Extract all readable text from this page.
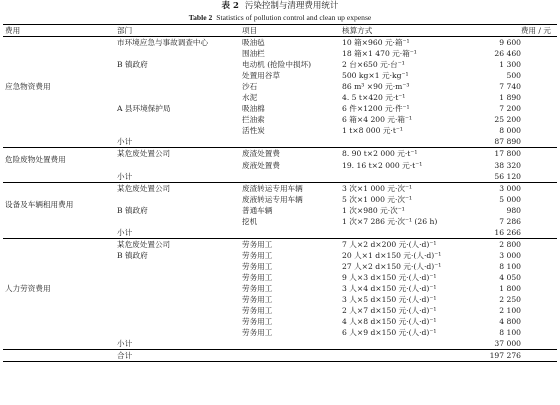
表 2 污染控制与清理费用统计
Table 2 Statistics of pollution control and clean up expense
费用	部门	项目	核算方式	费用 / 元
应急物资费用	市环境应急与事故调查中心	吸油毡	10 箱×960 元·箱⁻¹	9 600
		围油栏	18 箱×1 470 元·箱⁻¹	26 460
	B 镇政府	电动机 (抢险中损坏)	2 台×650 元·台⁻¹	1 300
		处置用谷草	500 kg×1 元·kg⁻¹	500
		沙石	86 m³ ×90 元·m⁻³	7 740
		水泥	4. 5 t×420 元·t⁻¹	1 890
	A 县环境保护局	吸油棉	6 件×1200 元·件⁻¹	7 200
		拦油索	6 箱×4 200 元·箱⁻¹	25 200
		活性炭	1 t×8 000 元·t⁻¹	8 000
	小计			87 890
危险废物处置费用	某危废处置公司	废渣处置费	8. 90 t×2 000 元·t⁻¹	17 800
		废液处置费	19. 16 t×2 000 元·t⁻¹	38 320
	小计			56 120
设备及车辆租用费用	某危废处置公司	废渣转运专用车辆	3 次×1 000 元·次⁻¹	3 000
		废液转运专用车辆	5 次×1 000 元·次⁻¹	5 000
	B 镇政府	普通车辆	1 次×980 元·次⁻¹	980
		挖机	1 次×7 286 元·次⁻¹ (26 h)	7 286
	小计			16 266
人力劳资费用	某危废处置公司	劳务用工	7 人×2 d×200 元·(人·d)⁻¹	2 800
	B 镇政府	劳务用工	20 人×1 d×150 元·(人·d)⁻¹	3 000
		劳务用工	27 人×2 d×150 元·(人·d)⁻¹	8 100
		劳务用工	9 人×3 d×150 元·(人·d)⁻¹	4 050
		劳务用工	3 人×4 d×150 元·(人·d)⁻¹	1 800
		劳务用工	3 人×5 d×150 元·(人·d)⁻¹	2 250
		劳务用工	2 人×7 d×150 元·(人·d)⁻¹	2 100
		劳务用工	4 人×8 d×150 元·(人·d)⁻¹	4 800
		劳务用工	6 人×9 d×150 元·(人·d)⁻¹	8 100
	小计			37 000
	合计			197 276
